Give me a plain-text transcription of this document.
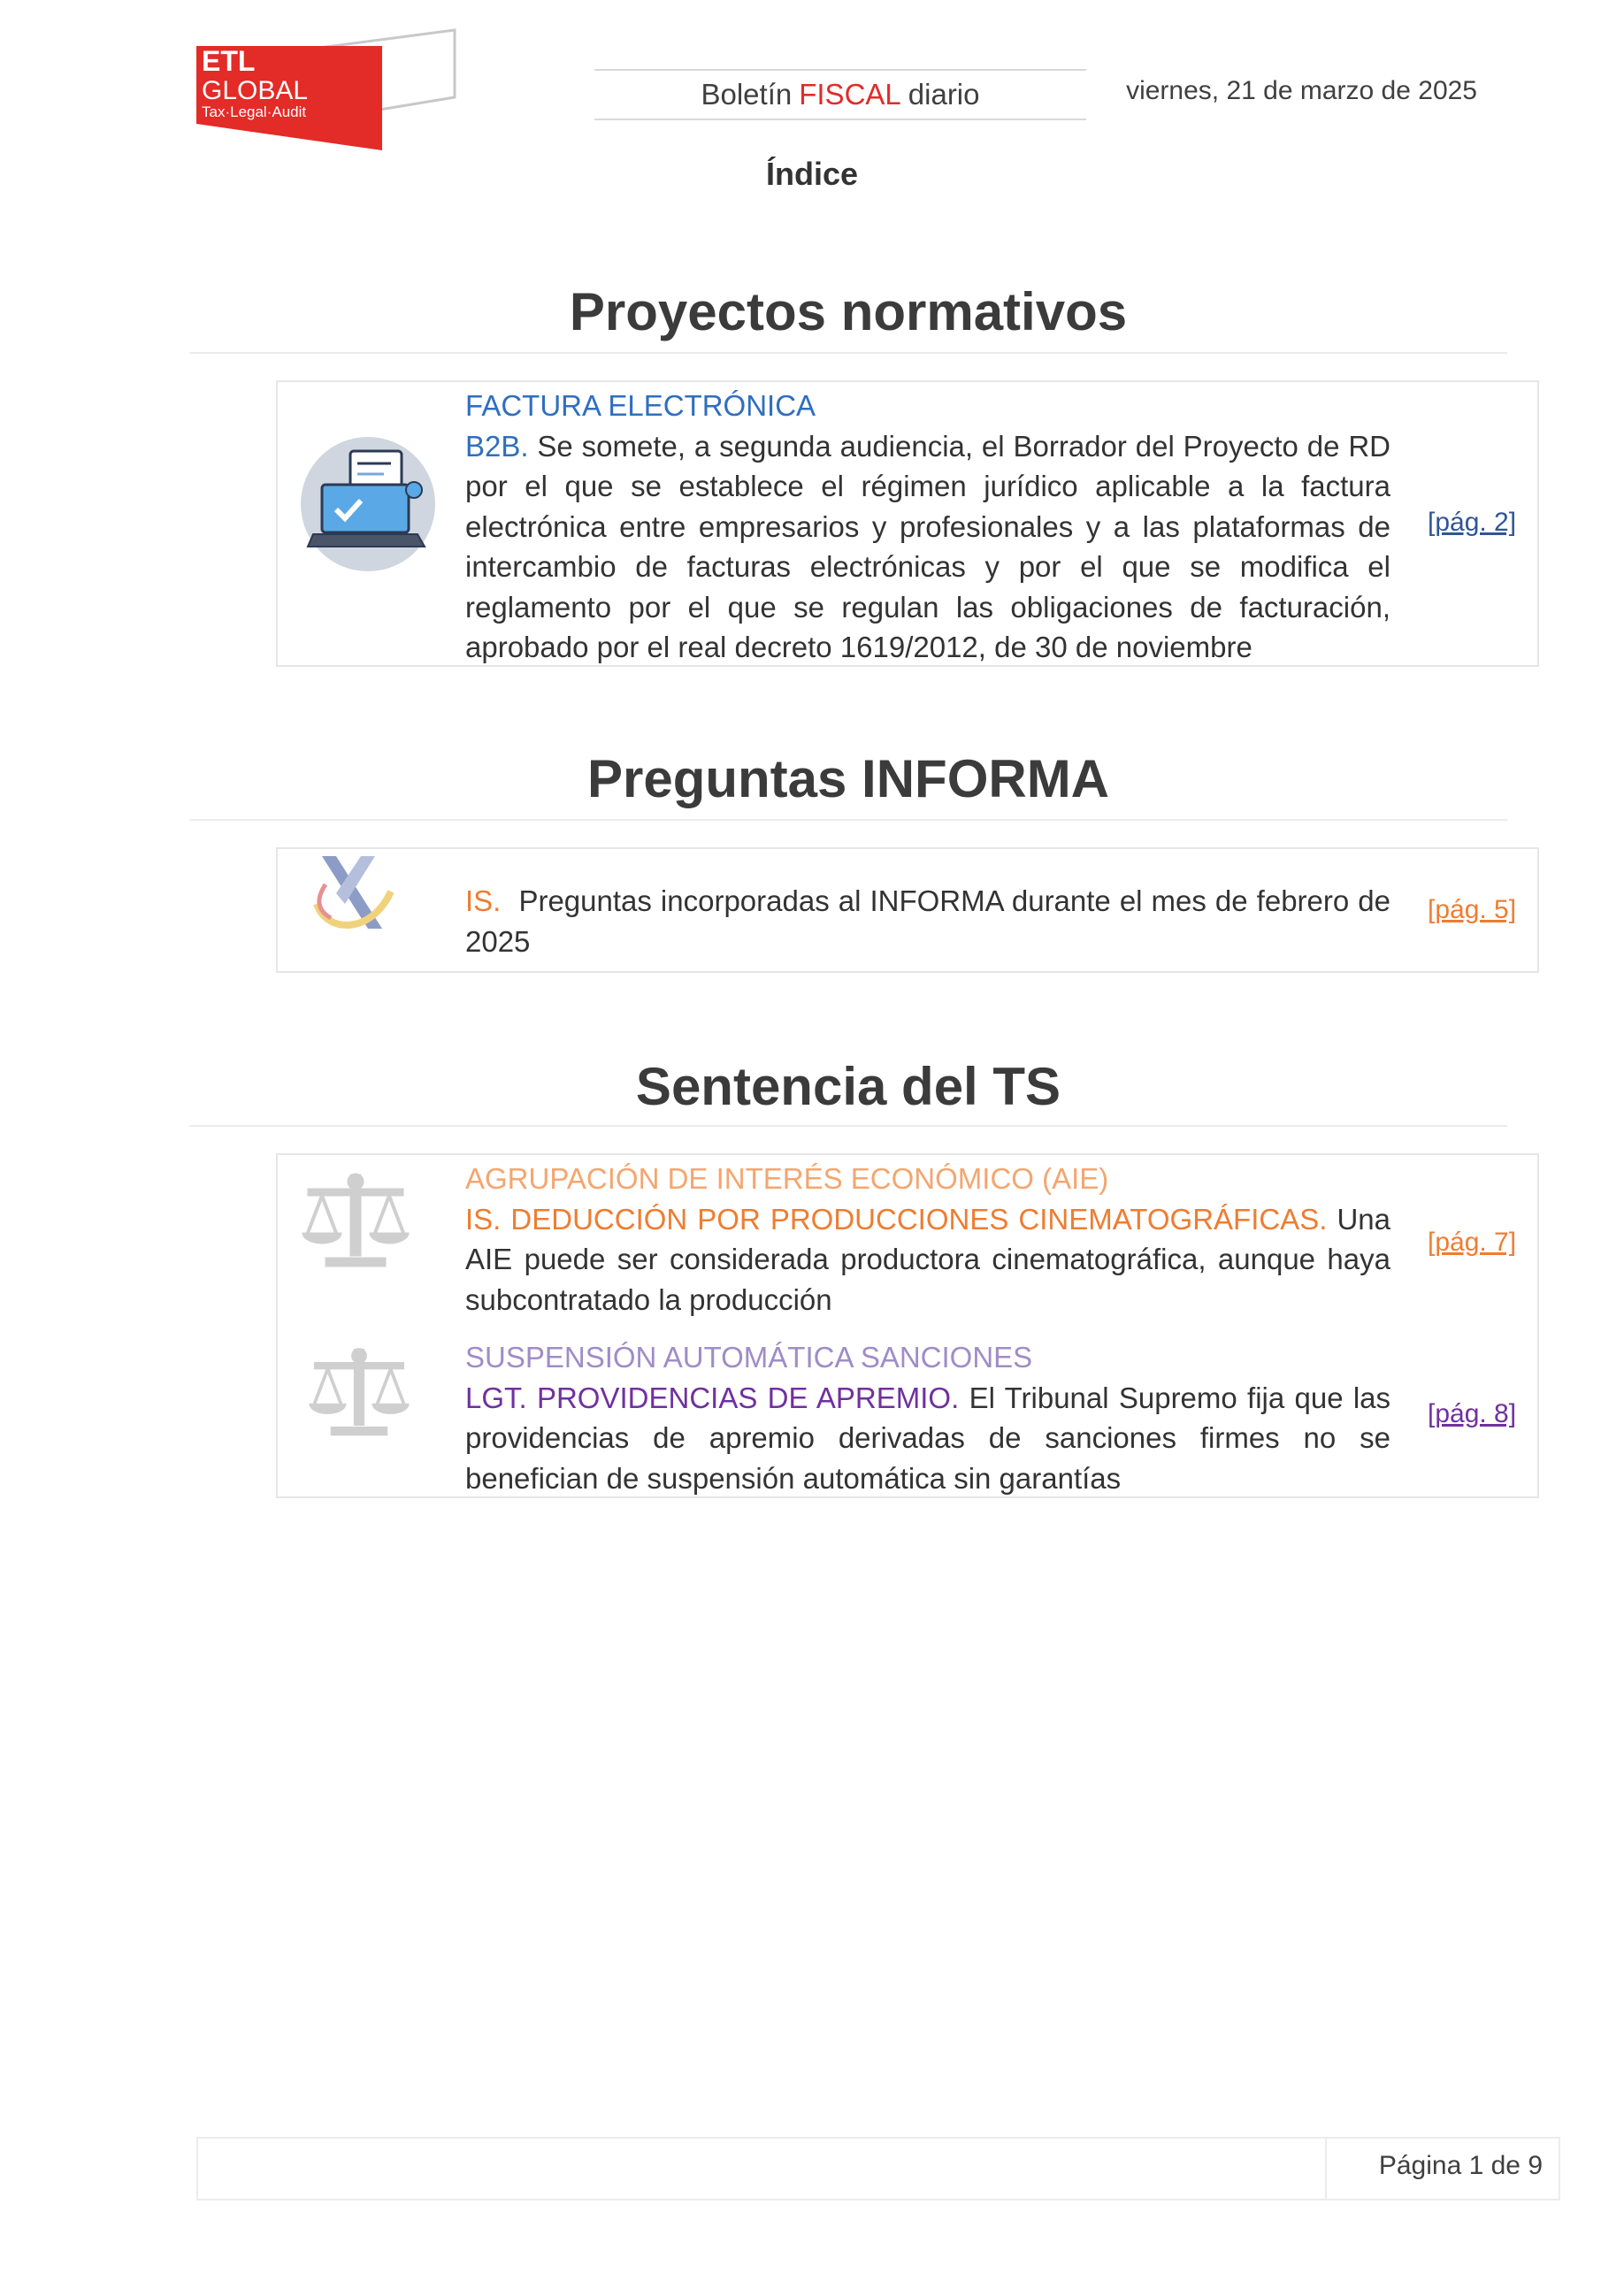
ETL
GLOBAL
Tax·Legal·Audit
Boletín FISCAL diario	viernes, 21 de marzo de 2025
Índice
Proyectos normativos
FACTURA ELECTRÓNICA
B2B. Se somete, a segunda audiencia, el Borrador del Proyecto de RD por el que se establece el régimen jurídico aplicable a la factura electrónica entre empresarios y profesionales y a las plataformas de intercambio de facturas electrónicas y por el que se modifica el reglamento por el que se regulan las obligaciones de facturación, aprobado por el real decreto 1619/2012, de 30 de noviembre
[pág. 2]
Preguntas INFORMA
IS. Preguntas incorporadas al INFORMA durante el mes de febrero de 2025
[pág. 5]
Sentencia del TS
AGRUPACIÓN DE INTERÉS ECONÓMICO (AIE)
IS. DEDUCCIÓN POR PRODUCCIONES CINEMATOGRÁFICAS. Una AIE puede ser considerada productora cinematográfica, aunque haya subcontratado la producción
[pág. 7]
SUSPENSIÓN AUTOMÁTICA SANCIONES
LGT. PROVIDENCIAS DE APREMIO. El Tribunal Supremo fija que las providencias de apremio derivadas de sanciones firmes no se benefician de suspensión automática sin garantías
[pág. 8]
Página 1 de 9
